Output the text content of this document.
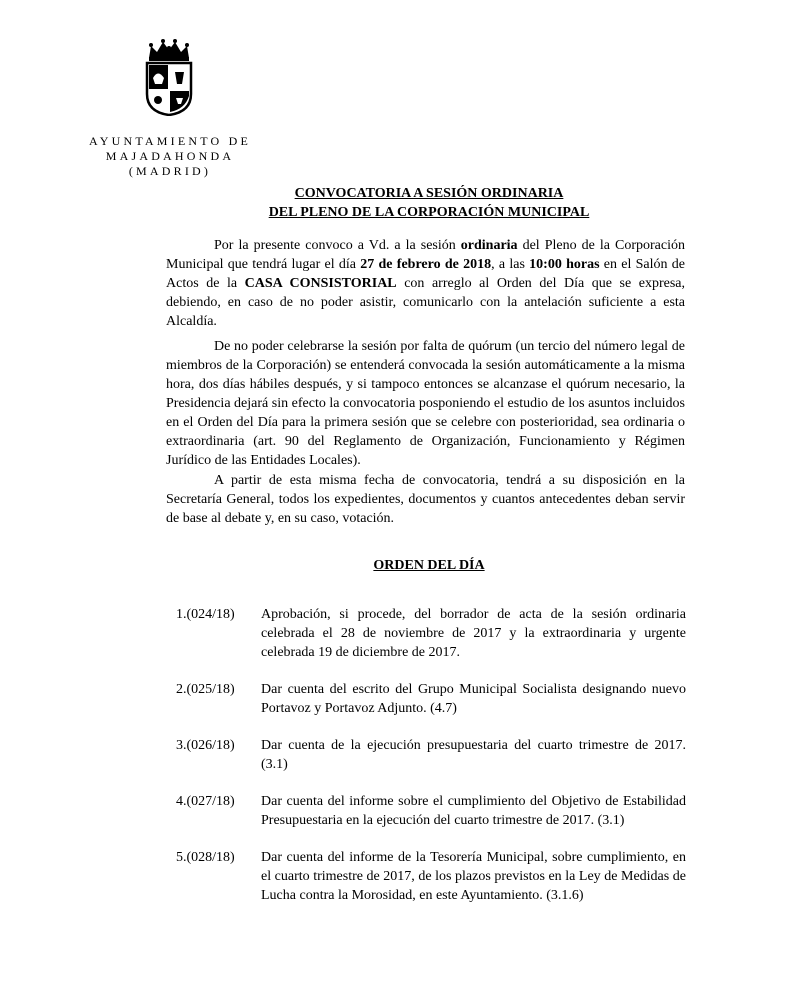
AYUNTAMIENTO DE
MAJADAHONDA
(MADRID)
CONVOCATORIA A SESIÓN ORDINARIA
DEL PLENO DE LA CORPORACIÓN MUNICIPAL

Por la presente convoco a Vd. a la sesión ordinaria del Pleno de la Corporación Municipal que tendrá lugar el día 27 de febrero de 2018, a las 10:00 horas en el Salón de Actos de la CASA CONSISTORIAL con arreglo al Orden del Día que se expresa, debiendo, en caso de no poder asistir, comunicarlo con la antelación suficiente a esta Alcaldía.

De no poder celebrarse la sesión por falta de quórum (un tercio del número legal de miembros de la Corporación) se entenderá convocada la sesión automáticamente a la misma hora, dos días hábiles después, y si tampoco entonces se alcanzase el quórum necesario, la Presidencia dejará sin efecto la convocatoria posponiendo el estudio de los asuntos incluidos en el Orden del Día para la primera sesión que se celebre con posterioridad, sea ordinaria o extraordinaria (art. 90 del Reglamento de Organización, Funcionamiento y Régimen Jurídico de las Entidades Locales).

A partir de esta misma fecha de convocatoria, tendrá a su disposición en la Secretaría General, todos los expedientes, documentos y cuantos antecedentes deban servir de base al debate y, en su caso, votación.

ORDEN DEL DÍA
1.(024/18)	Aprobación, si procede, del borrador de acta de la sesión ordinaria celebrada el 28 de noviembre de 2017 y la extraordinaria y urgente celebrada 19 de diciembre de 2017.
2.(025/18)	Dar cuenta del escrito del Grupo Municipal Socialista designando nuevo Portavoz y Portavoz Adjunto. (4.7)
3.(026/18)	Dar cuenta de la ejecución presupuestaria del cuarto trimestre de 2017. (3.1)
4.(027/18)	Dar cuenta del informe sobre el cumplimiento del Objetivo de Estabilidad Presupuestaria en la ejecución del cuarto trimestre de 2017. (3.1)
5.(028/18)	Dar cuenta del informe de la Tesorería Municipal, sobre cumplimiento, en el cuarto trimestre de 2017, de los plazos previstos en la Ley de Medidas de Lucha contra la Morosidad, en este Ayuntamiento. (3.1.6)
